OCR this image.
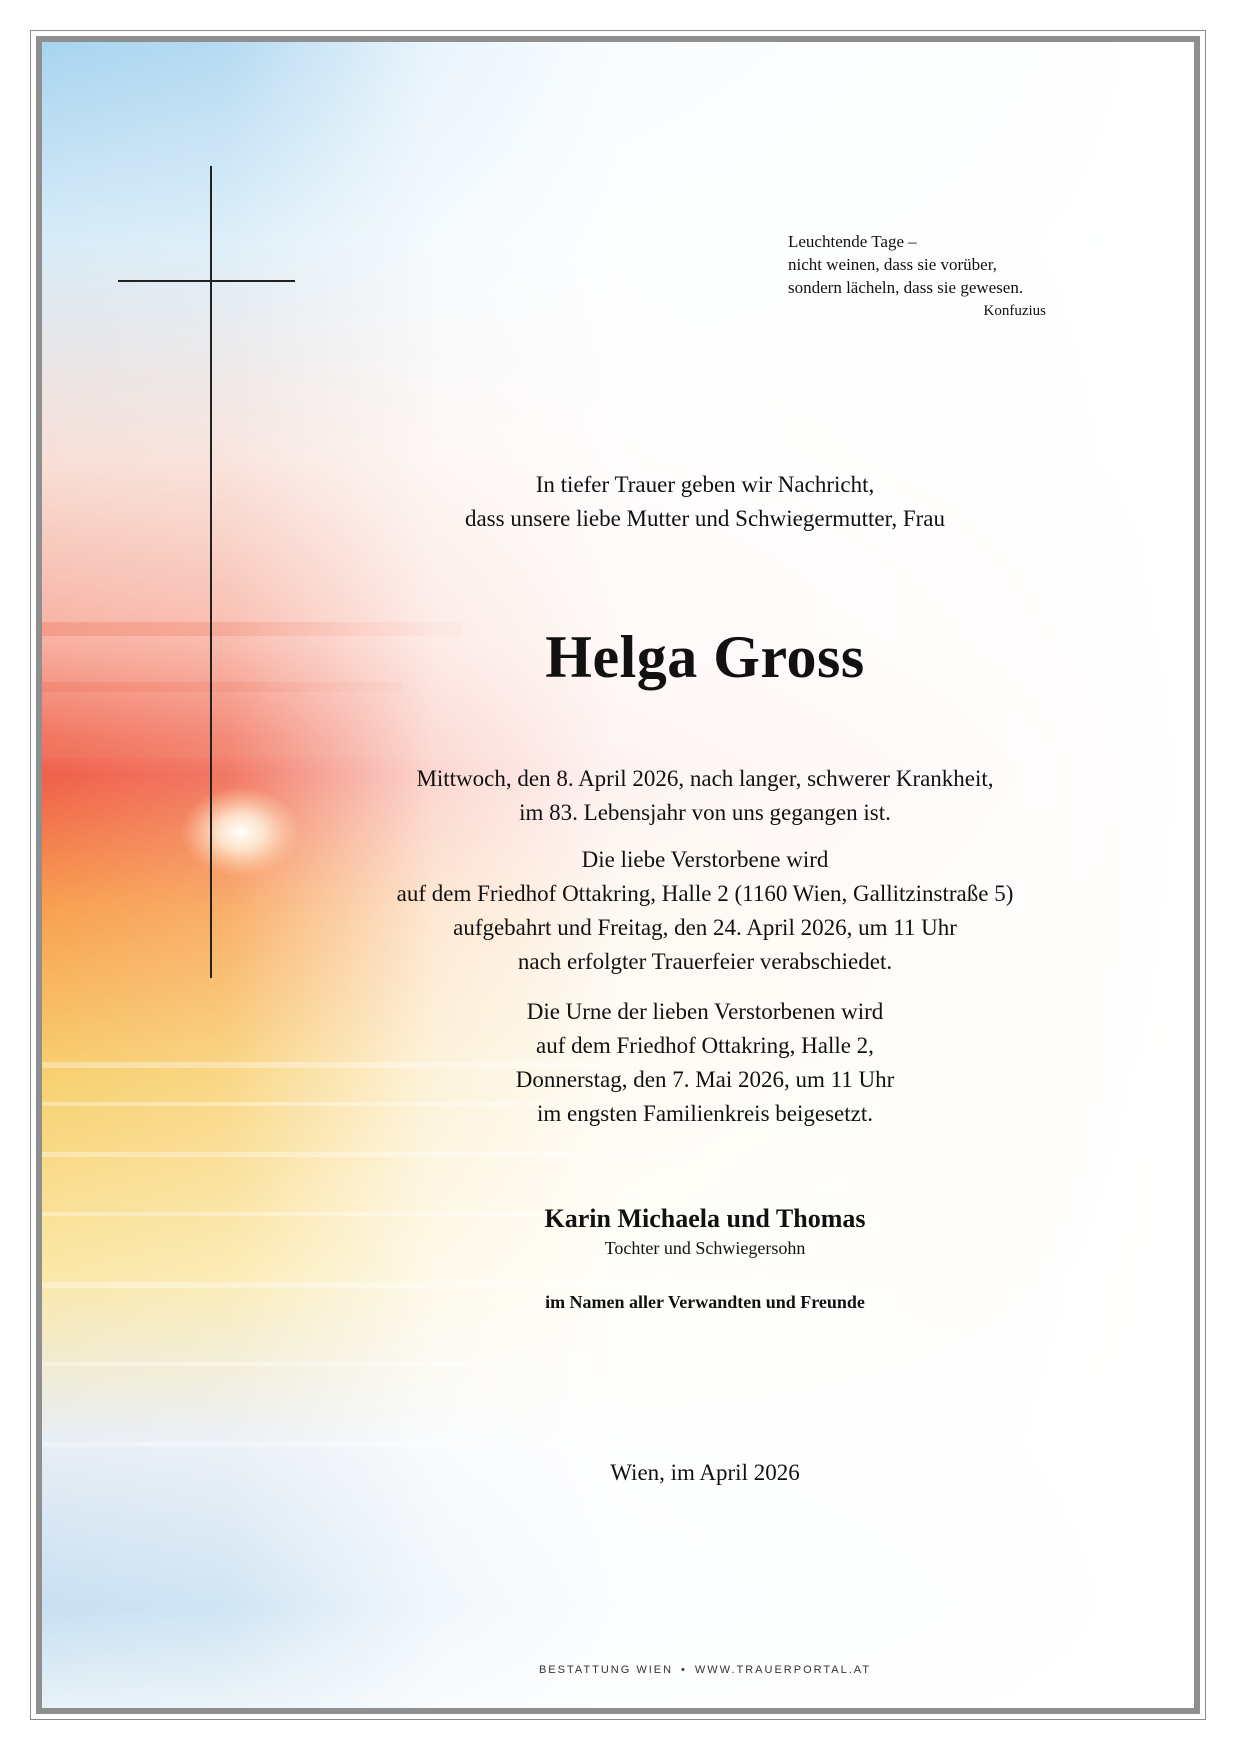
Leuchtende Tage –
nicht weinen, dass sie vorüber,
sondern lächeln, dass sie gewesen.
Konfuzius
In tiefer Trauer geben wir Nachricht,
dass unsere liebe Mutter und Schwiegermutter, Frau
Helga Gross
Mittwoch, den 8. April 2026, nach langer, schwerer Krankheit,
im 83. Lebensjahr von uns gegangen ist.
Die liebe Verstorbene wird
auf dem Friedhof Ottakring, Halle 2 (1160 Wien, Gallitzinstraße 5)
aufgebahrt und Freitag, den 24. April 2026, um 11 Uhr
nach erfolgter Trauerfeier verabschiedet.
Die Urne der lieben Verstorbenen wird
auf dem Friedhof Ottakring, Halle 2,
Donnerstag, den 7. Mai 2026, um 11 Uhr
im engsten Familienkreis beigesetzt.
Karin Michaela und Thomas
Tochter und Schwiegersohn
im Namen aller Verwandten und Freunde
Wien, im April 2026
BESTATTUNG WIEN • WWW.TRAUERPORTAL.AT
